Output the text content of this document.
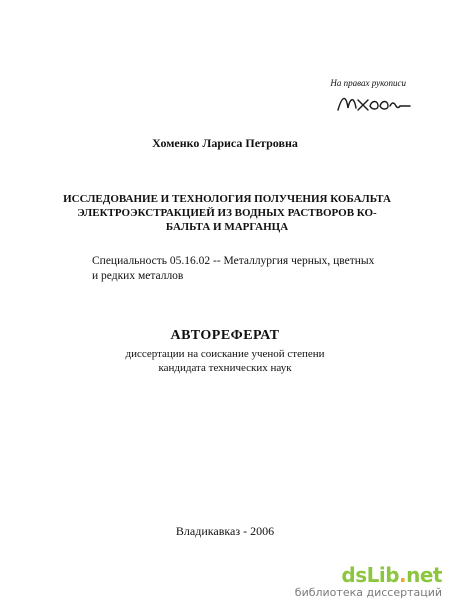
На правах рукописи
Хоменко Лариса Петровна
ИССЛЕДОВАНИЕ И ТЕХНОЛОГИЯ ПОЛУЧЕНИЯ КОБАЛЬТА
ЭЛЕКТРОЭКСТРАКЦИЕЙ ИЗ ВОДНЫХ РАСТВОРОВ КО-
БАЛЬТА И МАРГАНЦА
Специальность 05.16.02 -- Металлургия черных, цветных
и редких металлов
АВТОРЕФЕРАТ
диссертации на соискание ученой степени
кандидата технических наук
Владикавказ - 2006
dsLib.net
библиотека диссертаций
